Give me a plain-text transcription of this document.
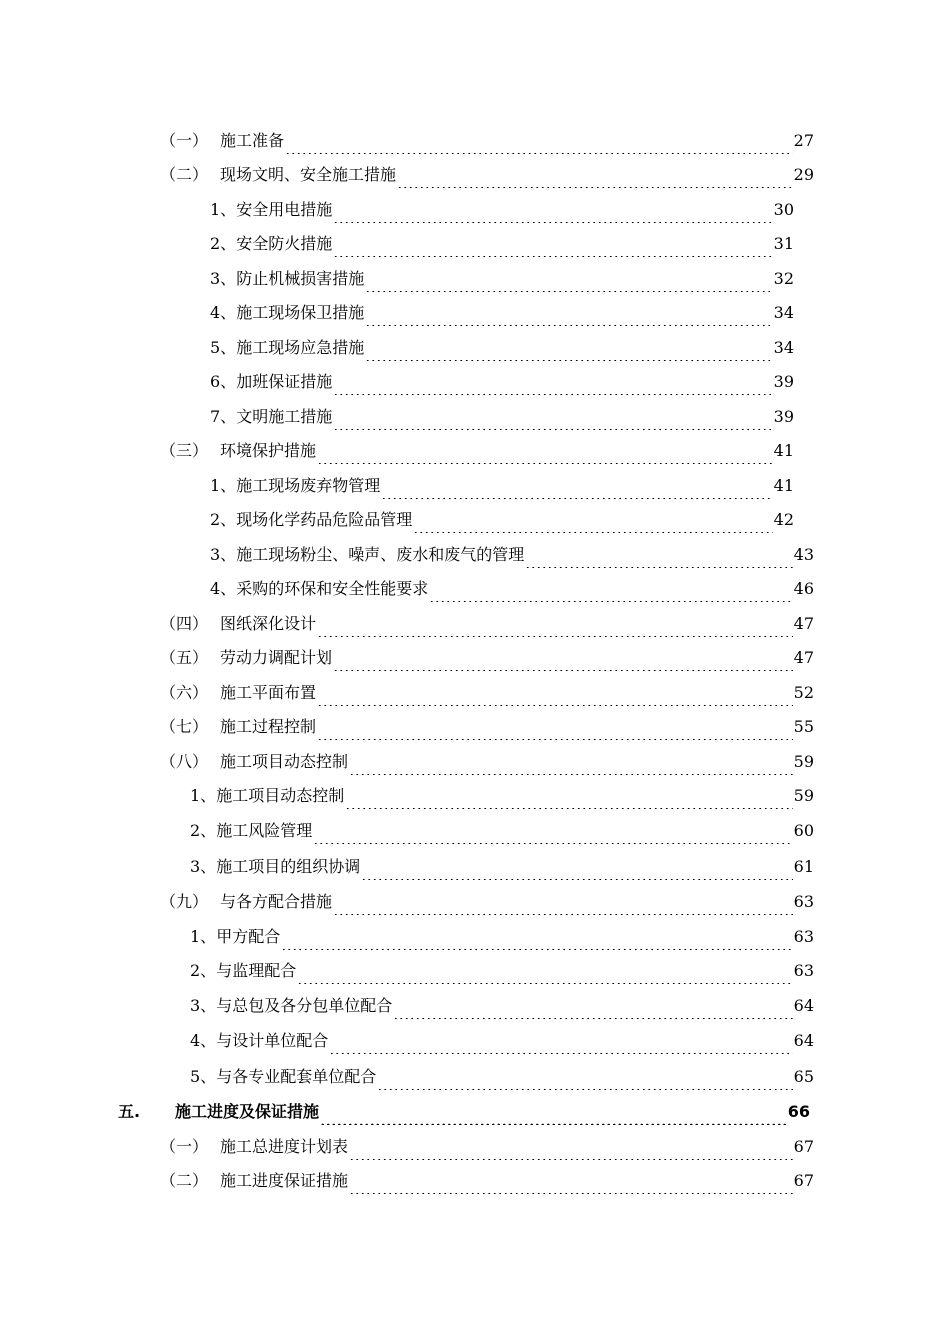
（一） 施工准备	27
（二） 现场文明、安全施工措施	29
1、 安全用电措施	30
2、 安全防火措施	31
3、 防止机械损害措施	32
4、 施工现场保卫措施	34
5、 施工现场应急措施	34
6、 加班保证措施	39
7、 文明施工措施	39
（三） 环境保护措施	41
1、 施工现场废弃物管理	41
2、 现场化学药品危险品管理	42
3、 施工现场粉尘、噪声、废水和废气的管理	43
4、 采购的环保和安全性能要求	46
（四） 图纸深化设计	47
（五） 劳动力调配计划	47
（六） 施工平面布置	52
（七） 施工过程控制	55
（八） 施工项目动态控制	59
1、 施工项目动态控制	59
2、 施工风险管理	60
3、 施工项目的组织协调	61
（九） 与各方配合措施	63
1、 甲方配合	63
2、 与监理配合	63
3、 与总包及各分包单位配合	64
4、 与设计单位配合	64
5、 与各专业配套单位配合	65
五.	施工进度及保证措施	66
（一） 施工总进度计划表	67
（二） 施工进度保证措施	67
